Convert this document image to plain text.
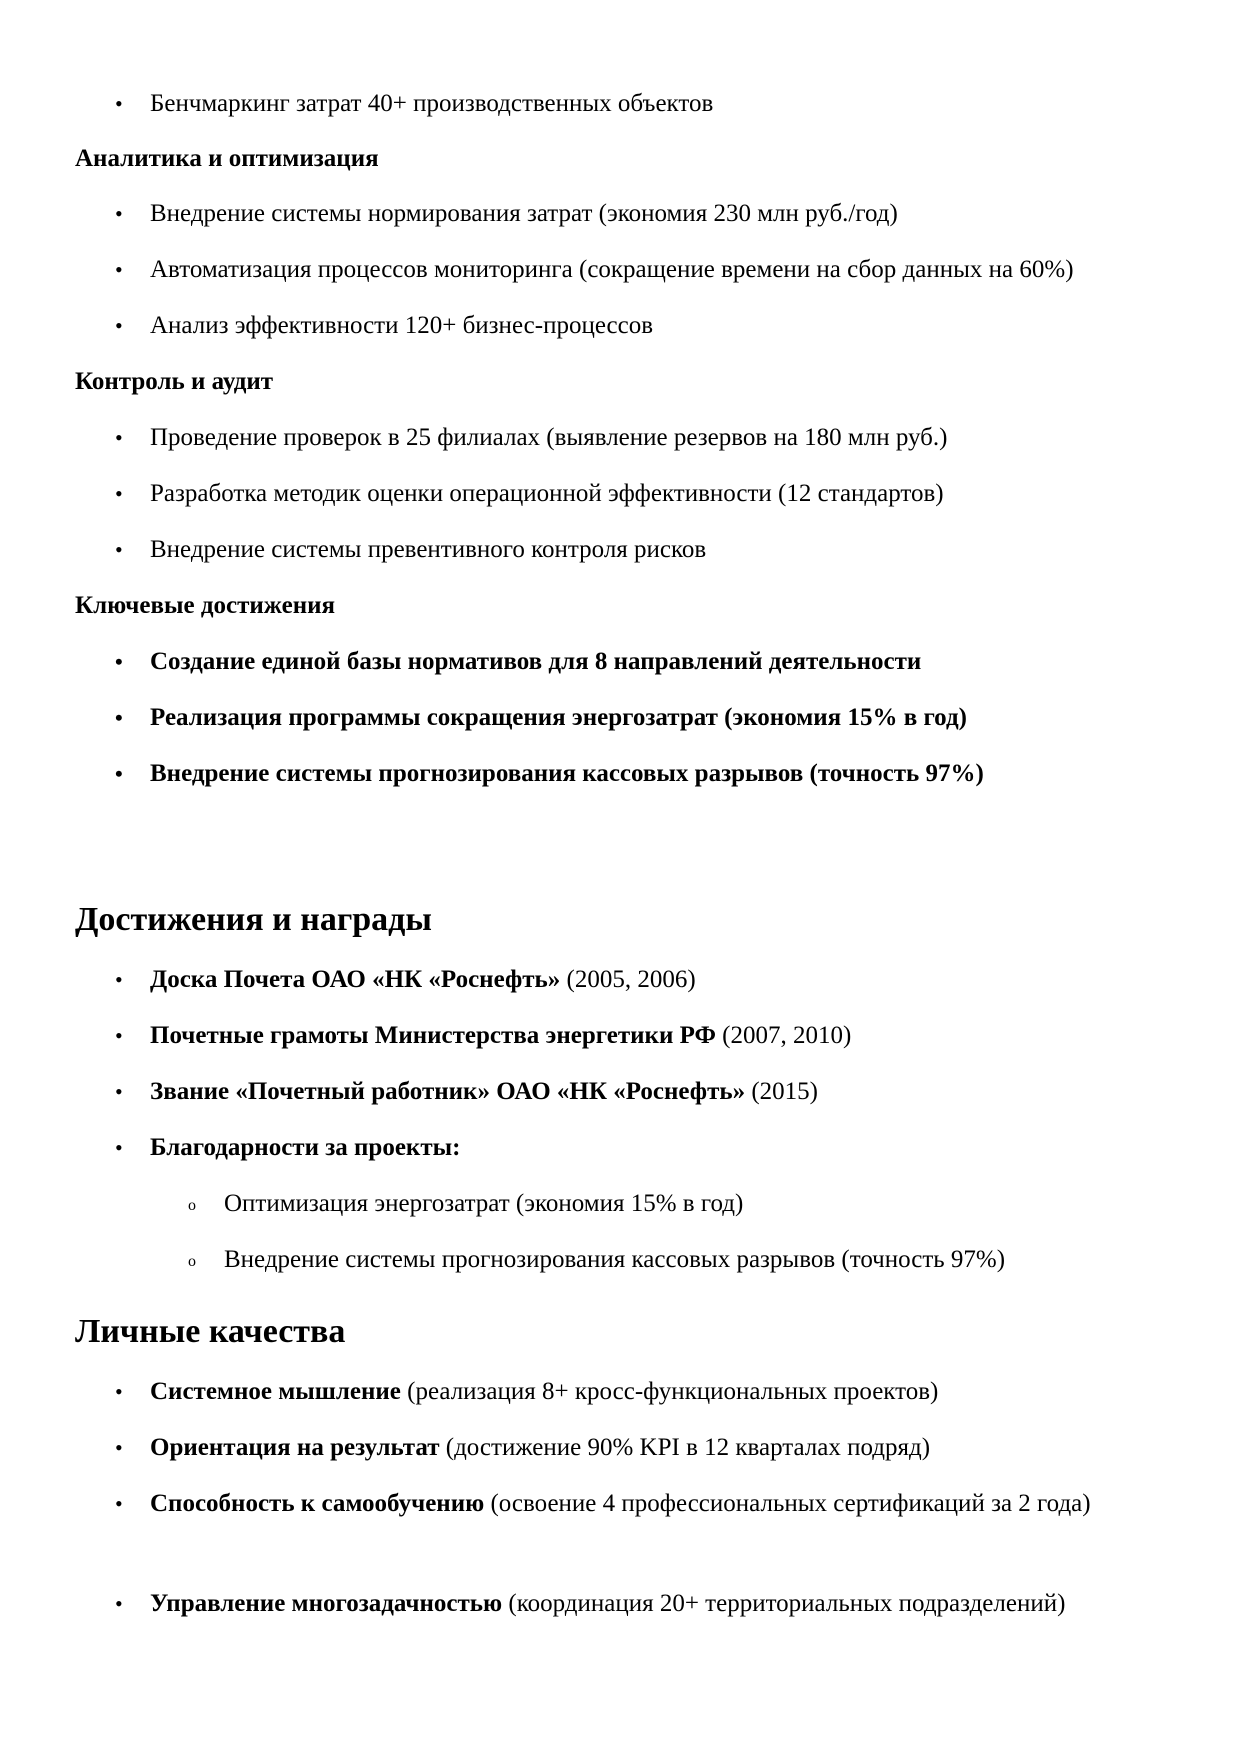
• Бенчмаркинг затрат 40+ производственных объектов
Аналитика и оптимизация
• Внедрение системы нормирования затрат (экономия 230 млн руб./год)
• Автоматизация процессов мониторинга (сокращение времени на сбор данных на 60%)
• Анализ эффективности 120+ бизнес-процессов
Контроль и аудит
• Проведение проверок в 25 филиалах (выявление резервов на 180 млн руб.)
• Разработка методик оценки операционной эффективности (12 стандартов)
• Внедрение системы превентивного контроля рисков
Ключевые достижения
• Создание единой базы нормативов для 8 направлений деятельности
• Реализация программы сокращения энергозатрат (экономия 15% в год)
• Внедрение системы прогнозирования кассовых разрывов (точность 97%)
Достижения и награды
• Доска Почета ОАО «НК «Роснефть» (2005, 2006)
• Почетные грамоты Министерства энергетики РФ (2007, 2010)
• Звание «Почетный работник» ОАО «НК «Роснефть» (2015)
• Благодарности за проекты:
o Оптимизация энергозатрат (экономия 15% в год)
o Внедрение системы прогнозирования кассовых разрывов (точность 97%)
Личные качества
• Системное мышление (реализация 8+ кросс-функциональных проектов)
• Ориентация на результат (достижение 90% KPI в 12 кварталах подряд)
• Способность к самообучению (освоение 4 профессиональных сертификаций за 2 года)
• Управление многозадачностью (координация 20+ территориальных подразделений)
